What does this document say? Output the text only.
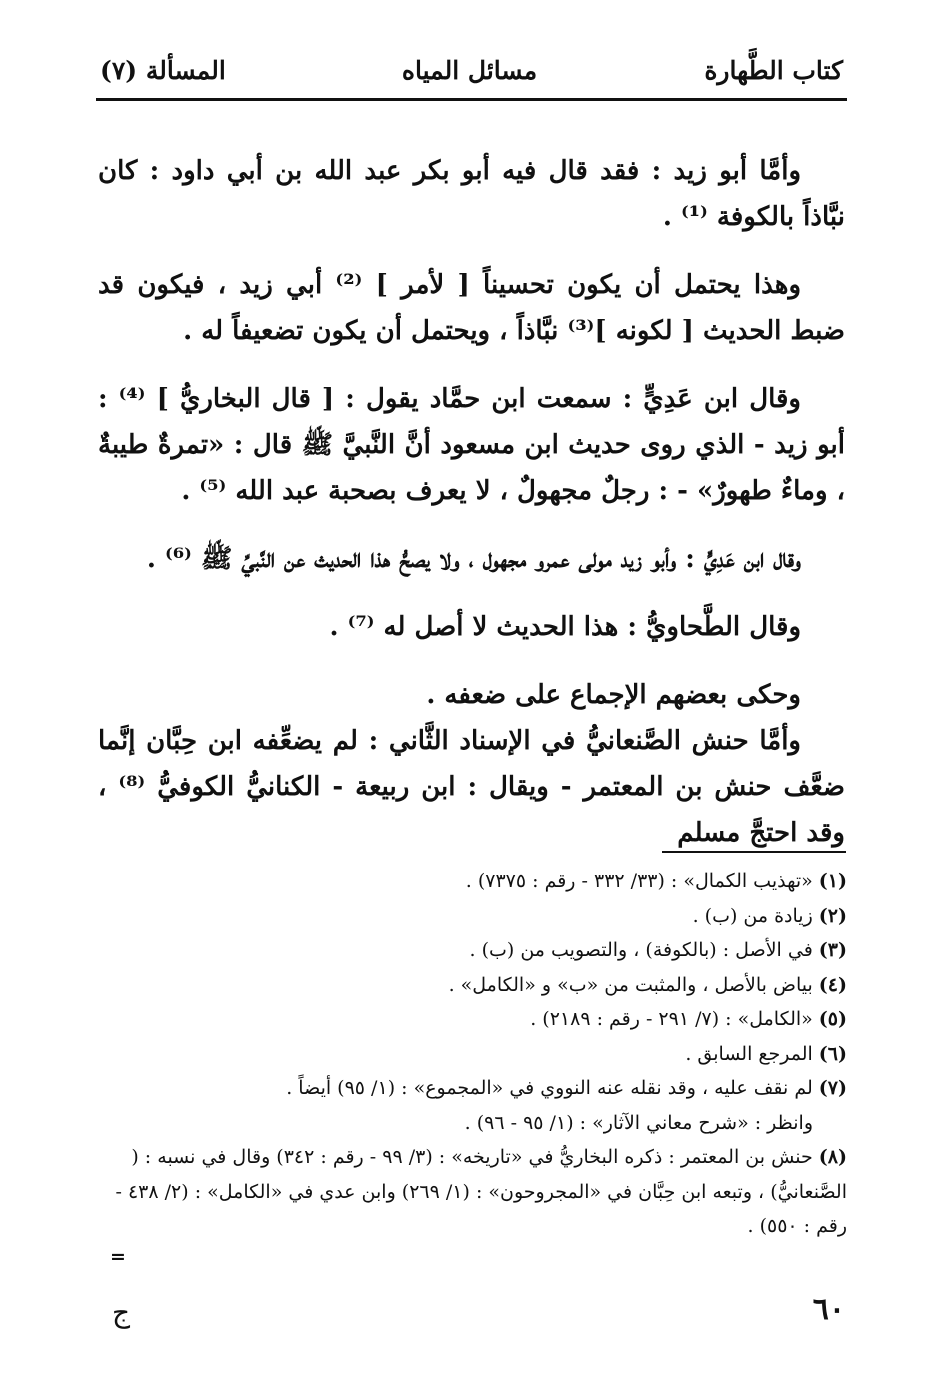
كتاب الطَّهارة
مسائل المياه
المسألة (٧)

وأمَّا أبو زيد : فقد قال فيه أبو بكر عبد الله بن أبي داود : كان نبَّاذاً بالكوفة ⁽¹⁾ .

وهذا يحتمل أن يكون تحسيناً [ لأمر ] ⁽²⁾ أبي زيد ، فيكون قد ضبط الحديث [ لكونه ]⁽³⁾ نبَّاذاً ، ويحتمل أن يكون تضعيفاً له .

وقال ابن عَدِيٍّ : سمعت ابن حمَّاد يقول : [ قال البخاريُّ ] ⁽⁴⁾ : أبو زيد - الذي روى حديث ابن مسعود أنَّ النَّبيَّ ﷺ قال : «تمرةٌ طيبةٌ ، وماءٌ طهورٌ» - : رجلٌ مجهولٌ ، لا يعرف بصحبة عبد الله ⁽⁵⁾ .

وقال ابن عَدِيٍّ : وأبو زيد مولى عمرو مجهول ، ولا يصحُّ هذا الحديث عن النَّبيِّ ﷺ ⁽⁶⁾ .

وقال الطَّحاويُّ : هذا الحديث لا أصل له ⁽⁷⁾ .

وحكى بعضهم الإجماع على ضعفه .

وأمَّا حنش الصَّنعانيُّ في الإسناد الثَّاني : لم يضعِّفه ابن حِبَّان إنَّما ضعَّف حنش بن المعتمر - ويقال : ابن ربيعة - الكنانيُّ الكوفيُّ ⁽⁸⁾ ، وقد احتجَّ مسلم

(١)«تهذيب الكمال» : (٣٣/ ٣٣٢ - رقم : ٧٣٧٥) .

(٢)زيادة من (ب) .

(٣)في الأصل : (بالكوفة) ، والتصويب من (ب) .

(٤)بياض بالأصل ، والمثبت من «ب» و «الكامل» .

(٥)«الكامل» : (٧/ ٢٩١ - رقم : ٢١٨٩) .

(٦)المرجع السابق .

(٧)لم نقف عليه ، وقد نقله عنه النووي في «المجموع» : (١/ ٩٥) أيضاً .

وانظر : «شرح معاني الآثار» : (١/ ٩٥ - ٩٦) .

(٨)حنش بن المعتمر : ذكره البخاريُّ في «تاريخه» : (٣/ ٩٩ - رقم : ٣٤٢) وقال في نسبه : ( الصَّنعانيُّ) ، وتبعه ابن حِبَّان في «المجروحون» : (١/ ٢٦٩) وابن عدي في «الكامل» : (٢/ ٤٣٨ - رقم : ٥٥٠) .

=

٦٠
ج
